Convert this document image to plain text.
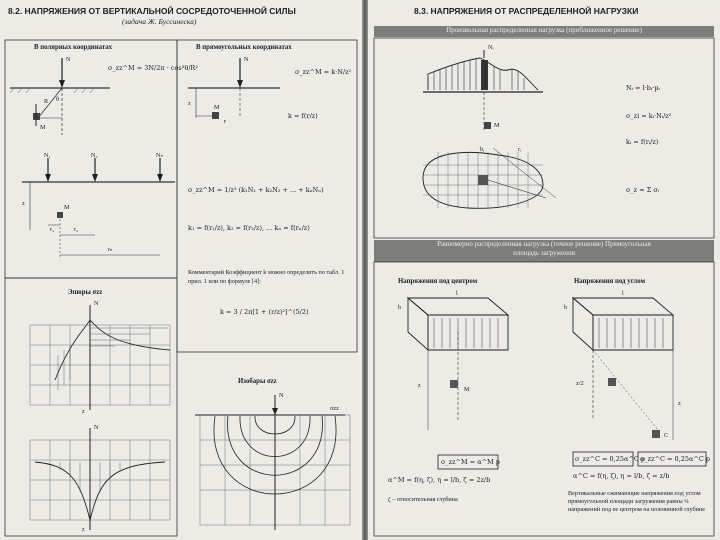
8.2. НАПРЯЖЕНИЯ ОТ ВЕРТИКАЛЬНОЙ СОСРЕДОТОЧЕННОЙ СИЛЫ
(задача Ж. Буссинеска)
В полярных координатах	В прямоугольных координатах
σ_zz^M = 3N/2π · cos³θ/R²	σ_zz^M = k·N/z²
k = f(r/z)
σ_zz^M = 1/z² (k₁N₁ + k₂N₂ + ... + kₙNₙ)
k₁ = f(r₁/z), k₂ = f(r₂/z), ... kₙ = f(rₙ/z)
Комментарий Коэффициент k можно определить по табл. 1 прил. 1 или по формуле [4]:
k = 3 / 2π[1 + (r/z)²]^(5/2)
Эпюры σzz
Изобары σzz
N
M
R θ
N
M
z
r
N₁	N₂	Nₙ
z
M
r₁	r₂
rₙ
N
z
N
z
N
σzz
8.3. НАПРЯЖЕНИЯ ОТ РАСПРЕДЕЛЕННОЙ НАГРУЗКИ
Произвольная распределенная нагрузка (приближенное решение)
Равномерно распределенная нагрузка (точное решение) Прямоугольная площадь загружения
Nᵢ = l·bᵢ·pᵢ
σ_zi = kᵢ·Nᵢ/z²
kᵢ = f(rᵢ/z)
σ_z = Σ σᵢ
Напряжения под центром	Напряжения под углом
σ_zz^M = α^M p
α^M = f(η, ζ), η = l/b, ζ = 2z/b
σ_zz^C = 0,25α^C p
σ_zz^C = 0,25α^C p
α^C = f(η, ζ), η = l/b, ζ = z/b
ζ – относительная глубина
Вертикальные сжимающие напряжения под углом прямоугольной площади загружения равны ¼ напряжений под ее центром на половинной глубине
Nᵢ
M
bᵢ	rᵢ
l
b
z
M
l
b
z/2
z
C
